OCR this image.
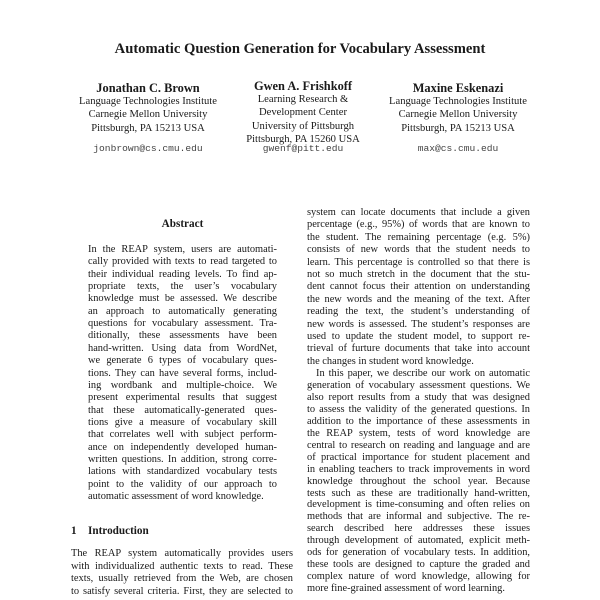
Automatic Question Generation for Vocabulary Assessment
Jonathan C. Brown
Language Technologies Institute
Carnegie Mellon University
Pittsburgh, PA 15213 USA
jonbrown@cs.cmu.edu
Gwen A. Frishkoff
Learning Research &
Development Center
University of Pittsburgh
Pittsburgh, PA 15260 USA
gwenf@pitt.edu
Maxine Eskenazi
Language Technologies Institute
Carnegie Mellon University
Pittsburgh, PA 15213 USA
max@cs.cmu.edu
Abstract
In the REAP system, users are automati-
cally provided with texts to read targeted to
their individual reading levels. To find ap-
propriate texts, the user’s vocabulary
knowledge must be assessed. We describe
an approach to automatically generating
questions for vocabulary assessment. Tra-
ditionally, these assessments have been
hand-written. Using data from WordNet,
we generate 6 types of vocabulary ques-
tions. They can have several forms, includ-
ing wordbank and multiple-choice. We
present experimental results that suggest
that these automatically-generated ques-
tions give a measure of vocabulary skill
that correlates well with subject perform-
ance on independently developed human-
written questions. In addition, strong corre-
lations with standardized vocabulary tests
point to the validity of our approach to
automatic assessment of word knowledge.
1 Introduction
The REAP system automatically provides users
with individualized authentic texts to read. These
texts, usually retrieved from the Web, are chosen
to satisfy several criteria. First, they are selected to
system can locate documents that include a given
percentage (e.g., 95%) of words that are known to
the student. The remaining percentage (e.g. 5%)
consists of new words that the student needs to
learn. This percentage is controlled so that there is
not so much stretch in the document that the stu-
dent cannot focus their attention on understanding
the new words and the meaning of the text. After
reading the text, the student’s understanding of
new words is assessed. The student’s responses are
used to update the student model, to support re-
trieval of furture documents that take into account
the changes in student word knowledge.
In this paper, we describe our work on automatic
generation of vocabulary assessment questions. We
also report results from a study that was designed
to assess the validity of the generated questions. In
addition to the importance of these assessments in
the REAP system, tests of word knowledge are
central to research on reading and language and are
of practical importance for student placement and
in enabling teachers to track improvements in word
knowledge throughout the school year. Because
tests such as these are traditionally hand-written,
development is time-consuming and often relies on
methods that are informal and subjective. The re-
search described here addresses these issues
through development of automated, explicit meth-
ods for generation of vocabulary tests. In addition,
these tools are designed to capture the graded and
complex nature of word knowledge, allowing for
more fine-grained assessment of word learning.
